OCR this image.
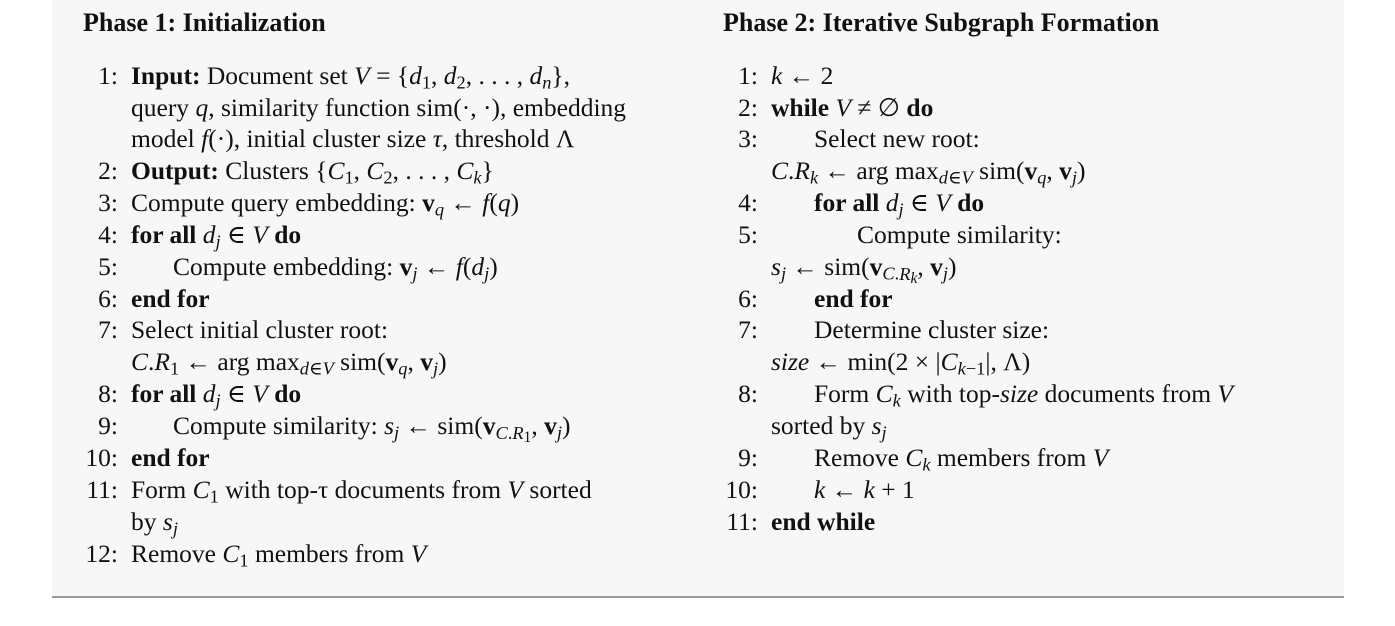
Phase 1: Initialization
1: Input: Document set $V = \{d_1$, $d_2$, . . . , $d_n$},
query q, similarity function sim(·, ·), embedding
model f(·), initial cluster size τ, threshold Λ
2: Output: Clusters {$C_1$, $C_2$, . . . , $C_k$}
3: Compute query embedding: $v_q$ ← f(q)
4: for all $d_j$ ∈ V do
5: Compute embedding: $v_j$ ← $f(d_j)$
6: end for
7: Select initial cluster root:
$C.R_1$ ← arg $\max_{d\in V} sim(v_q$, $v_j$)
8: for all $d_j$ ∈ V do
9: Compute similarity: $s_j$ ← $sim(v_{C.R_1}$, $v_j$)
10: end for
11: Form $C_1$ with top-τ documents from V sorted
by $s_j$
12: Remove $C_1$ members from V
Phase 2: Iterative Subgraph Formation
1: k ← 2
2: while V ≠ ∅ do
3: Select new root:
$C.R_k$ ← arg $\max_{d\in V} sim(v_q$, $v_j$)
4: for all $d_j$ ∈ V do
5:	Compute similarity:
$s_j$ ← $sim(v_{C.R_k}$, $v_j$)
6: end for
7: Determine cluster size:
size ← $\min(2 \times |C_{k-1}|$, Λ)
8: Form $C_k$ with top-size documents from V
sorted by $s_j$
9: Remove $C_k$ members from V
10: k ← k + 1
11: end while
